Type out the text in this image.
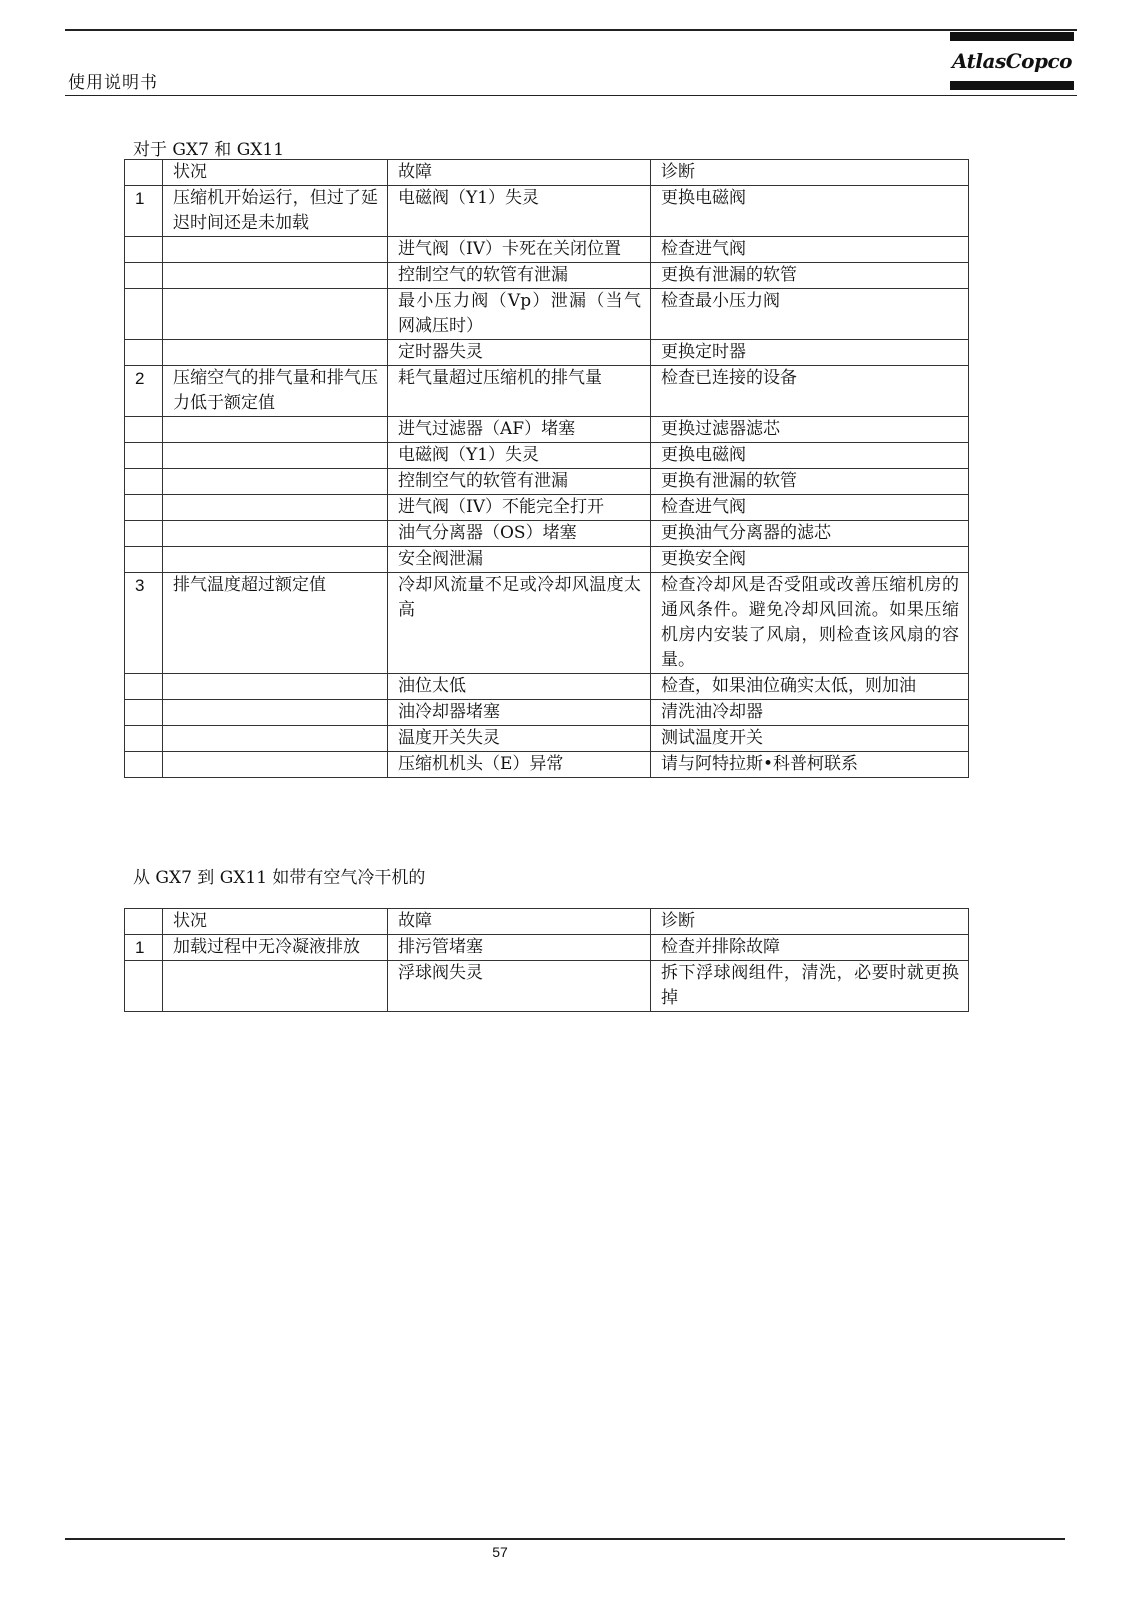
使用说明书
AtlasCopco
对于 GX7 和 GX11
	状况	故障	诊断
1	压缩机开始运行，但过了延迟时间还是未加载	电磁阀（Y1）失灵	更换电磁阀
		进气阀（IV）卡死在关闭位置	检查进气阀
		控制空气的软管有泄漏	更换有泄漏的软管
		最小压力阀（Vp）泄漏（当气网减压时）	检查最小压力阀
		定时器失灵	更换定时器
2	压缩空气的排气量和排气压力低于额定值	耗气量超过压缩机的排气量	检查已连接的设备
		进气过滤器（AF）堵塞	更换过滤器滤芯
		电磁阀（Y1）失灵	更换电磁阀
		控制空气的软管有泄漏	更换有泄漏的软管
		进气阀（IV）不能完全打开	检查进气阀
		油气分离器（OS）堵塞	更换油气分离器的滤芯
		安全阀泄漏	更换安全阀
3	排气温度超过额定值	冷却风流量不足或冷却风温度太高	检查冷却风是否受阻或改善压缩机房的通风条件。避免冷却风回流。如果压缩机房内安装了风扇，则检查该风扇的容量。
		油位太低	检查，如果油位确实太低，则加油
		油冷却器堵塞	清洗油冷却器
		温度开关失灵	测试温度开关
		压缩机机头（E）异常	请与阿特拉斯•科普柯联系
从 GX7 到 GX11 如带有空气冷干机的
	状况	故障	诊断
1	加载过程中无冷凝液排放	排污管堵塞	检查并排除故障
		浮球阀失灵	拆下浮球阀组件，清洗，必要时就更换掉
57
